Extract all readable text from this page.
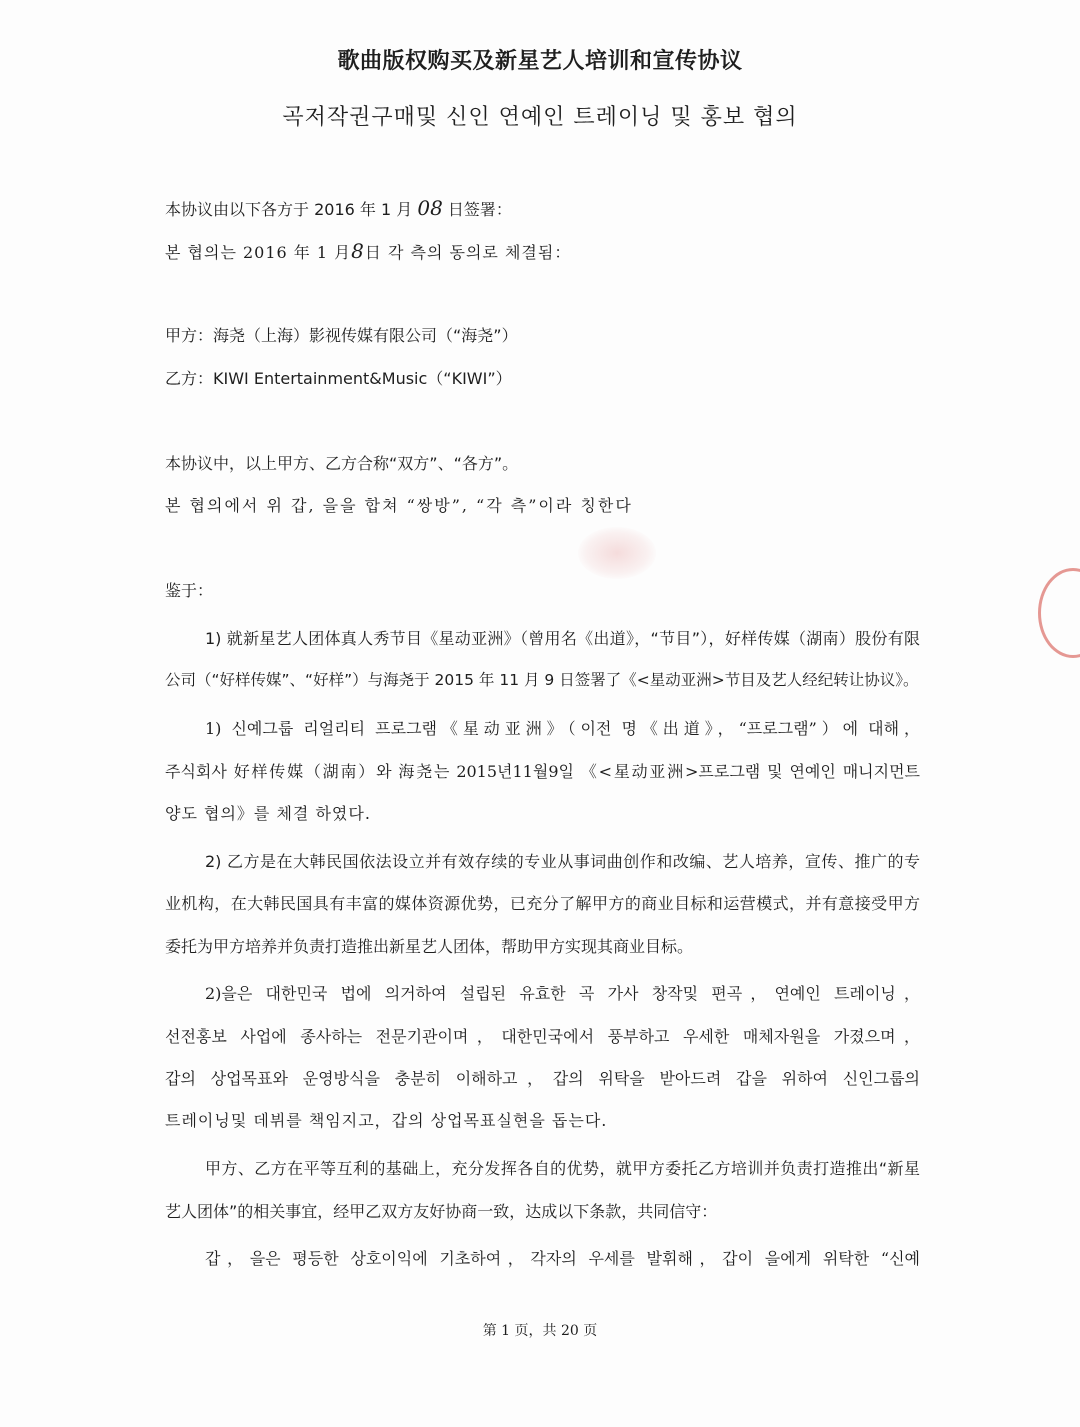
歌曲版权购买及新星艺人培训和宣传协议
곡저작권구매및 신인 연예인 트레이닝 및 홍보 협의
本协议由以下各方于 2016 年 1 月 08 日签署：
본 협의는 2016 年 1 月8日 각 측의 동의로 체결됨：
甲方：海尧（上海）影视传媒有限公司（“海尧”）
乙方：KIWI Entertainment&Music（“KIWI”）
本协议中，以上甲方、乙方合称“双方”、“各方”。
본 협의에서 위 갑, 을을 합쳐 “쌍방”, “각 측”이라 칭한다
鉴于：
1) 就新星艺人团体真人秀节目《星动亚洲》（曾用名《出道》，“节目”），好样传媒（湖南）股份有限
公司（“好样传媒”、“好样”）与海尧于 2015 年 11 月 9 日签署了《<星动亚洲>节目及艺人经纪转让协议》。
1) 신예그룹 리얼리티 프로그램《星动亚洲》（이전 명《出道》，“프로그램”）에 대해，
주식회사 好样传媒（湖南）와 海尧는 2015년11월9일 《<星动亚洲>프로그램 및 연예인 매니지먼트
양도 협의》를 체결 하였다.
2) 乙方是在大韩民国依法设立并有效存续的专业从事词曲创作和改编、艺人培养，宣传、推广的专
业机构，在大韩民国具有丰富的媒体资源优势，已充分了解甲方的商业目标和运营模式，并有意接受甲方
委托为甲方培养并负责打造推出新星艺人团体，帮助甲方实现其商业目标。
2)을은 대한민국 법에 의거하여 설립된 유효한 곡 가사 창작및 편곡，연예인 트레이닝，
선전홍보 사업에 종사하는 전문기관이며，대한민국에서 풍부하고 우세한 매체자원을 가졌으며，
갑의 상업목표와 운영방식을 충분히 이해하고，갑의 위탁을 받아드려 갑을 위하여 신인그룹의
트레이닝및 데뷔를 책임지고，갑의 상업목표실현을 돕는다.
甲方、乙方在平等互利的基础上，充分发挥各自的优势，就甲方委托乙方培训并负责打造推出“新星
艺人团体”的相关事宜，经甲乙双方友好协商一致，达成以下条款，共同信守：
갑，을은 평등한 상호이익에 기초하여，각자의 우세를 발휘해，갑이 을에게 위탁한 “신예
第 1 页，共 20 页
